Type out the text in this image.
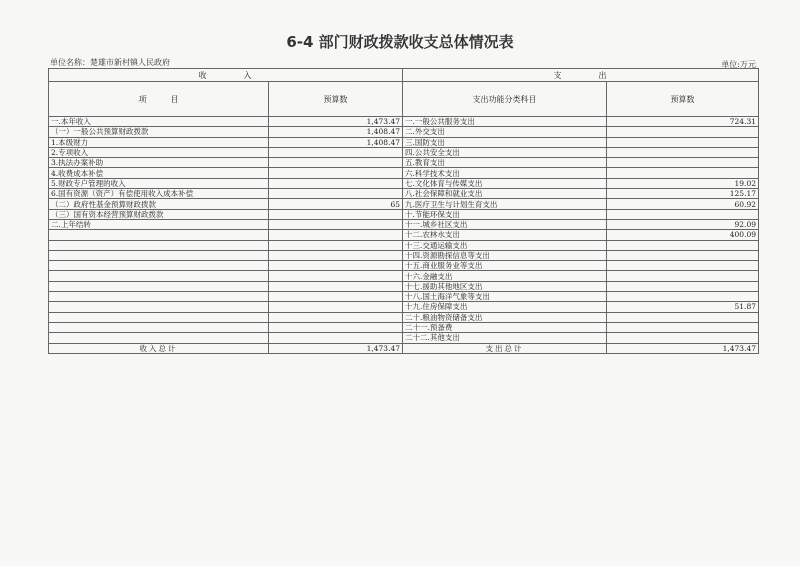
6-4 部门财政拨款收支总体情况表
单位名称：楚雄市新村镇人民政府	单位:万元
收　　　　入		支　　　　出	
项　　　目	预算数	支出功能分类科目	预算数
一.本年收入	1,473.47	一.一般公共服务支出	724.31
（一）一般公共预算财政拨款	1,408.47	二.外交支出	
1.本级财力	1,408.47	三.国防支出	
2.专项收入		四.公共安全支出	
3.执法办案补助		五.教育支出	
4.收费成本补偿		六.科学技术支出	
5.财政专户管理的收入		七.文化体育与传媒支出	19.02
6.国有资源（资产）有偿使用收入成本补偿		八.社会保障和就业支出	125.17
（二）政府性基金预算财政拨款	65	九.医疗卫生与计划生育支出	60.92
（三）国有资本经营预算财政拨款		十.节能环保支出	
二.上年结转		十一.城乡社区支出	92.09
		十二.农林水支出	400.09
		十三.交通运输支出	
		十四.资源勘探信息等支出	
		十五.商业服务业等支出	
		十六.金融支出	
		十七.援助其他地区支出	
		十八.国土海洋气象等支出	
		十九.住房保障支出	51.87
		二十.粮油物资储备支出	
		二十一.预备费	
		二十二.其他支出	
收入总计	1,473.47	支出总计	1,473.47
